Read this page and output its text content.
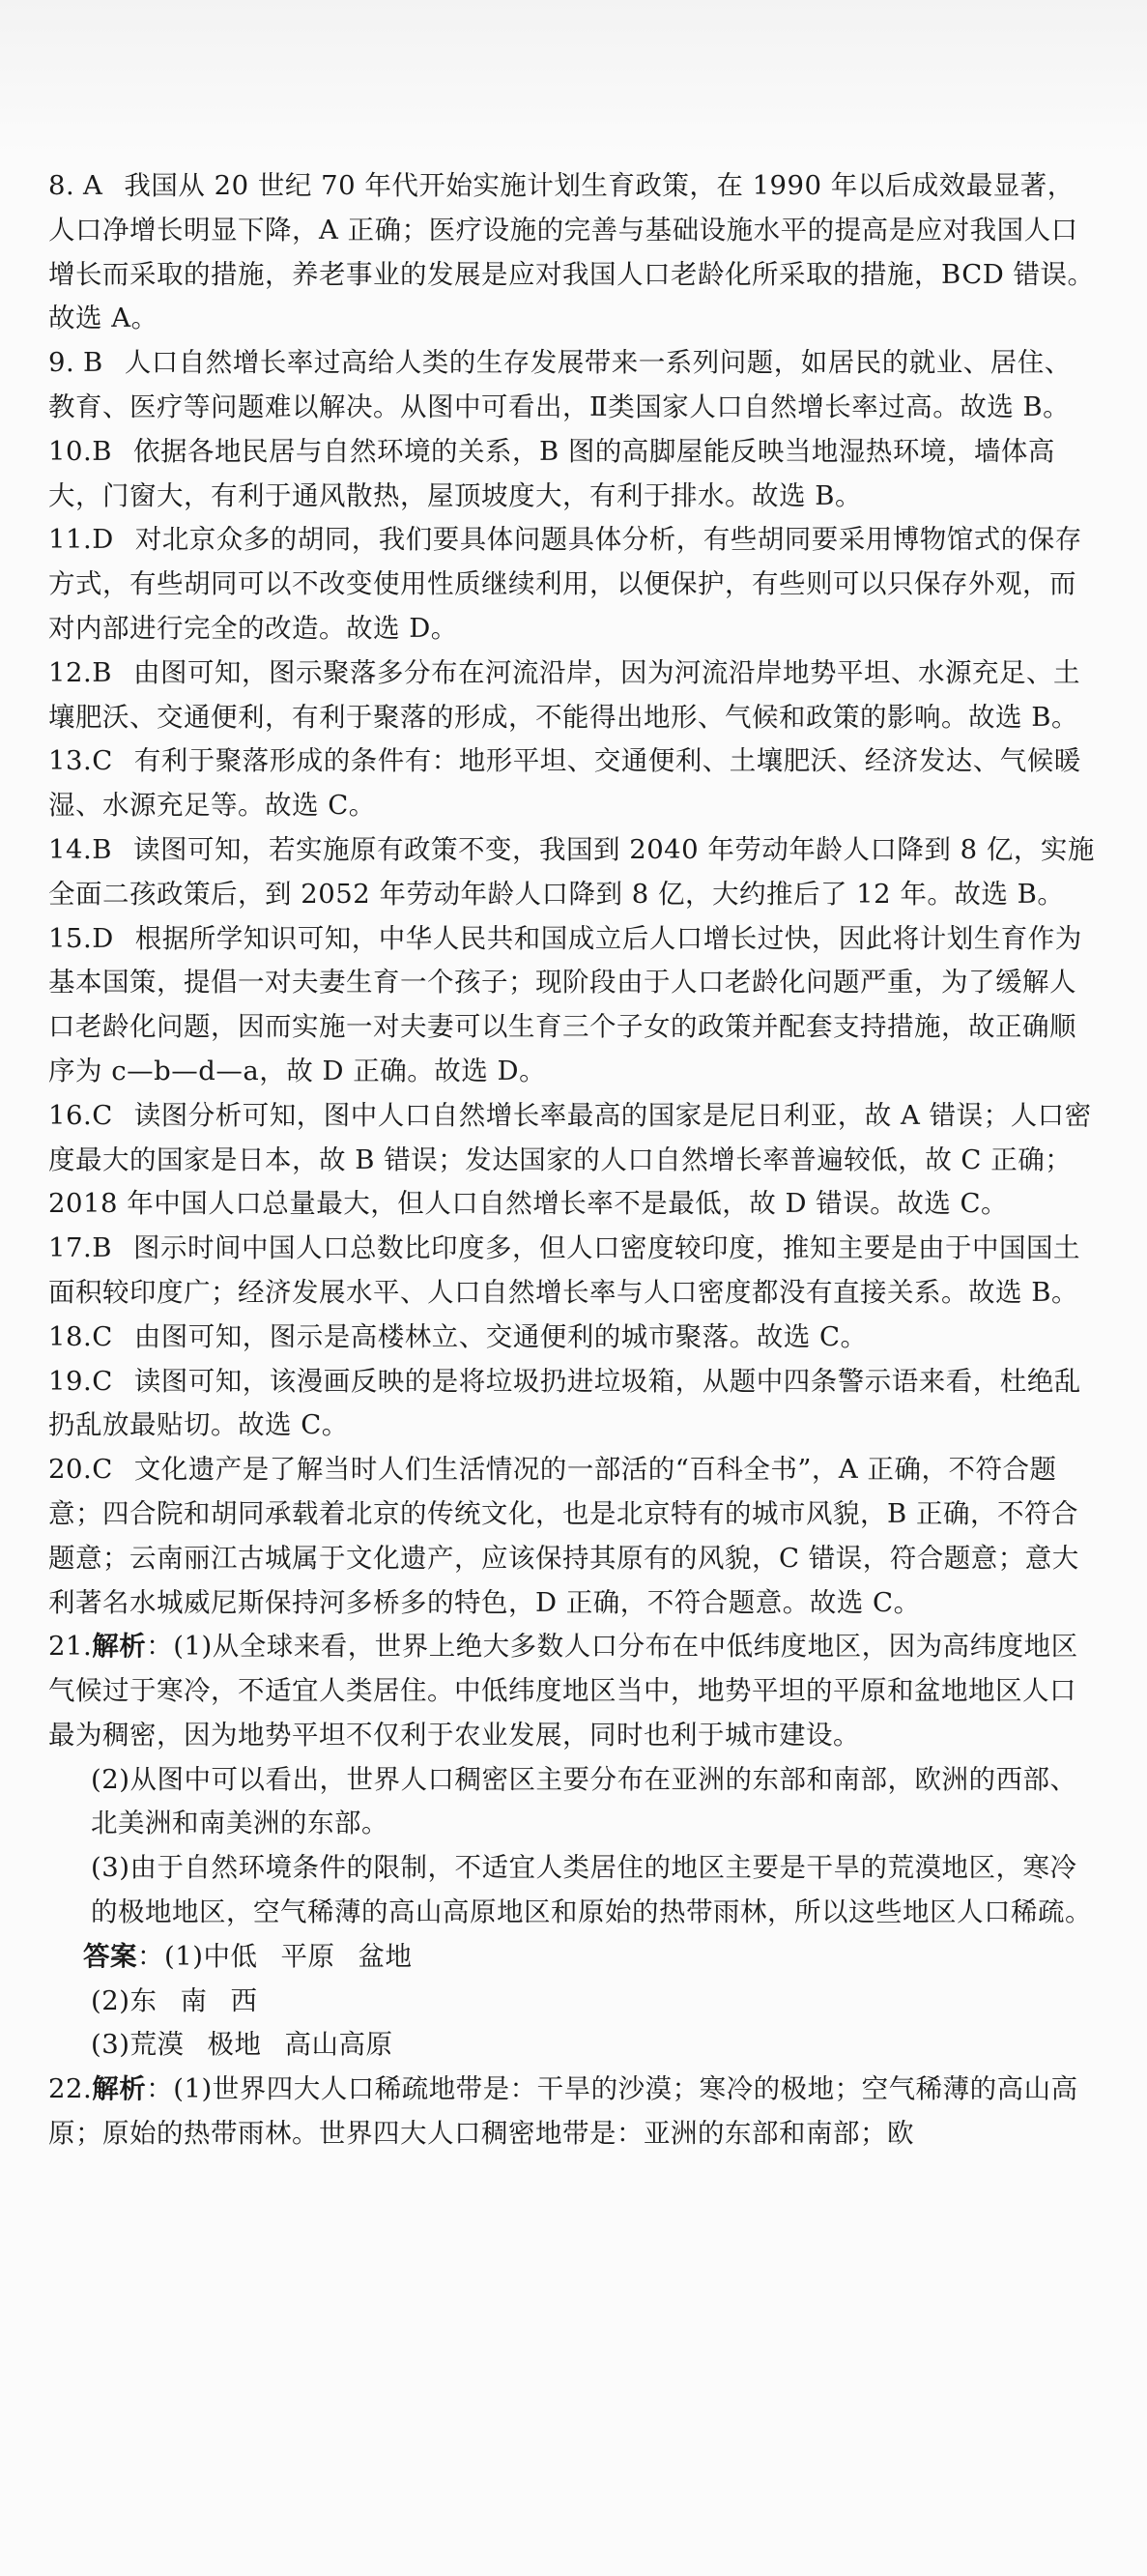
8. A 我国从 20 世纪 70 年代开始实施计划生育政策，在 1990 年以后成效最显著，人口净增长明显下降，A 正确；医疗设施的完善与基础设施水平的提高是应对我国人口增长而采取的措施，养老事业的发展是应对我国人口老龄化所采取的措施，BCD 错误。故选 A。
9. B 人口自然增长率过高给人类的生存发展带来一系列问题，如居民的就业、居住、教育、医疗等问题难以解决。从图中可看出，Ⅱ类国家人口自然增长率过高。故选 B。
10.B 依据各地民居与自然环境的关系，B 图的高脚屋能反映当地湿热环境，墙体高大，门窗大，有利于通风散热，屋顶坡度大，有利于排水。故选 B。
11.D 对北京众多的胡同，我们要具体问题具体分析，有些胡同要采用博物馆式的保存方式，有些胡同可以不改变使用性质继续利用，以便保护，有些则可以只保存外观，而对内部进行完全的改造。故选 D。
12.B 由图可知，图示聚落多分布在河流沿岸，因为河流沿岸地势平坦、水源充足、土壤肥沃、交通便利，有利于聚落的形成，不能得出地形、气候和政策的影响。故选 B。
13.C 有利于聚落形成的条件有：地形平坦、交通便利、土壤肥沃、经济发达、气候暖湿、水源充足等。故选 C。
14.B 读图可知，若实施原有政策不变，我国到 2040 年劳动年龄人口降到 8 亿，实施全面二孩政策后，到 2052 年劳动年龄人口降到 8 亿，大约推后了 12 年。故选 B。
15.D 根据所学知识可知，中华人民共和国成立后人口增长过快，因此将计划生育作为基本国策，提倡一对夫妻生育一个孩子；现阶段由于人口老龄化问题严重，为了缓解人口老龄化问题，因而实施一对夫妻可以生育三个子女的政策并配套支持措施，故正确顺序为 c—b—d—a，故 D 正确。故选 D。
16.C 读图分析可知，图中人口自然增长率最高的国家是尼日利亚，故 A 错误；人口密度最大的国家是日本，故 B 错误；发达国家的人口自然增长率普遍较低，故 C 正确；2018 年中国人口总量最大，但人口自然增长率不是最低，故 D 错误。故选 C。
17.B 图示时间中国人口总数比印度多，但人口密度较印度，推知主要是由于中国国土面积较印度广；经济发展水平、人口自然增长率与人口密度都没有直接关系。故选 B。
18.C 由图可知，图示是高楼林立、交通便利的城市聚落。故选 C。
19.C 读图可知，该漫画反映的是将垃圾扔进垃圾箱，从题中四条警示语来看，杜绝乱扔乱放最贴切。故选 C。
20.C 文化遗产是了解当时人们生活情况的一部活的“百科全书”，A 正确，不符合题意；四合院和胡同承载着北京的传统文化，也是北京特有的城市风貌，B 正确，不符合题意；云南丽江古城属于文化遗产，应该保持其原有的风貌，C 错误，符合题意；意大利著名水城威尼斯保持河多桥多的特色，D 正确，不符合题意。故选 C。
21.解析：(1)从全球来看，世界上绝大多数人口分布在中低纬度地区，因为高纬度地区气候过于寒冷，不适宜人类居住。中低纬度地区当中，地势平坦的平原和盆地地区人口最为稠密，因为地势平坦不仅利于农业发展，同时也利于城市建设。
(2)从图中可以看出，世界人口稠密区主要分布在亚洲的东部和南部，欧洲的西部、北美洲和南美洲的东部。
(3)由于自然环境条件的限制，不适宜人类居住的地区主要是干旱的荒漠地区，寒冷的极地地区，空气稀薄的高山高原地区和原始的热带雨林，所以这些地区人口稀疏。
答案：(1)中低 平原 盆地
(2)东 南 西
(3)荒漠 极地 高山高原
22.解析：(1)世界四大人口稀疏地带是：干旱的沙漠；寒冷的极地；空气稀薄的高山高原；原始的热带雨林。世界四大人口稠密地带是：亚洲的东部和南部；欧
